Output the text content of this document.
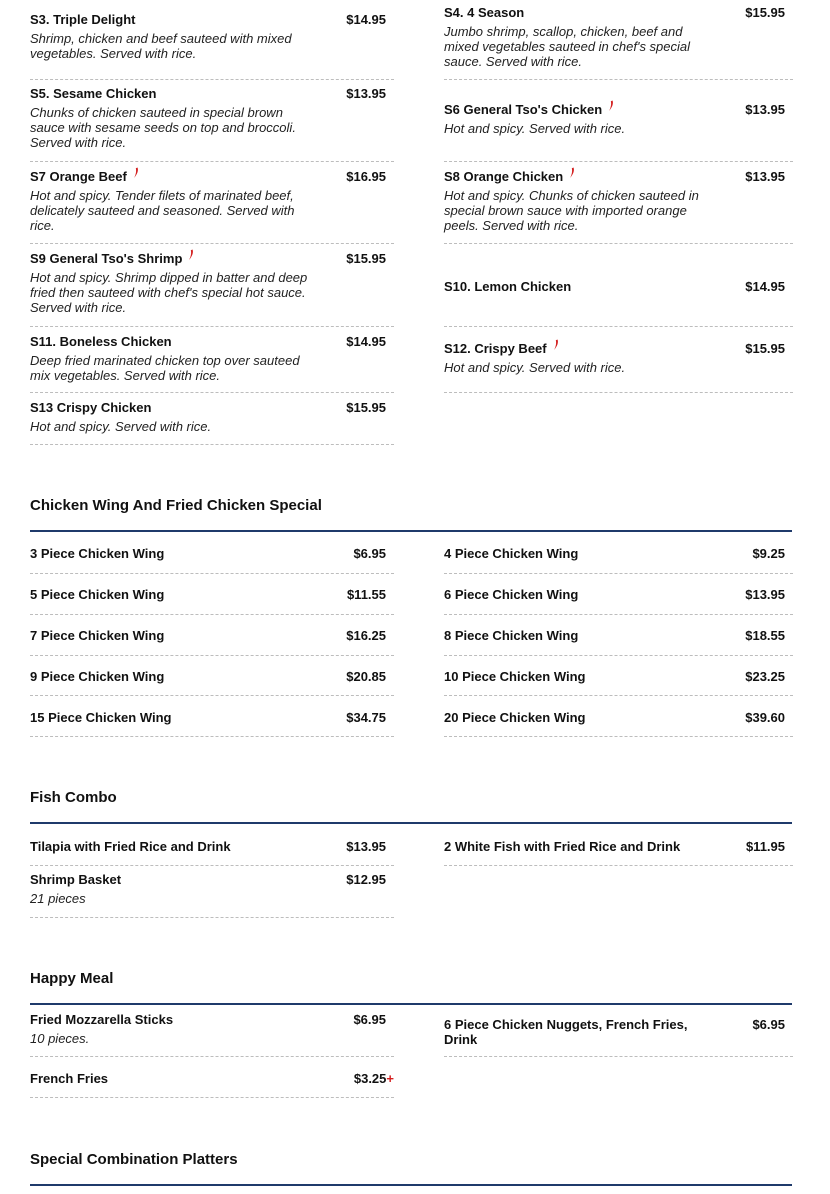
S3. Triple Delight	$14.95
Shrimp, chicken and beef sauteed with mixed
vegetables. Served with rice.
S5. Sesame Chicken	$13.95
Chunks of chicken sauteed in special brown
sauce with sesame seeds on top and broccoli.
Served with rice.
S7 Orange Beef	$16.95
Hot and spicy. Tender filets of marinated beef,
delicately sauteed and seasoned. Served with
rice.
S9 General Tso's Shrimp	$15.95
Hot and spicy. Shrimp dipped in batter and deep
fried then sauteed with chef's special hot sauce.
Served with rice.
S11. Boneless Chicken	$14.95
Deep fried marinated chicken top over sauteed
mix vegetables. Served with rice.
S13 Crispy Chicken	$15.95
Hot and spicy. Served with rice.
S4. 4 Season	$15.95
Jumbo shrimp, scallop, chicken, beef and
mixed vegetables sauteed in chef's special
sauce. Served with rice.
S6 General Tso's Chicken	$13.95
Hot and spicy. Served with rice.
S8 Orange Chicken	$13.95
Hot and spicy. Chunks of chicken sauteed in
special brown sauce with imported orange
peels. Served with rice.
S10. Lemon Chicken	$14.95
S12. Crispy Beef	$15.95
Hot and spicy. Served with rice.
Chicken Wing And Fried Chicken Special
3 Piece Chicken Wing	$6.95	4 Piece Chicken Wing	$9.25
5 Piece Chicken Wing	$11.55	6 Piece Chicken Wing	$13.95
7 Piece Chicken Wing	$16.25	8 Piece Chicken Wing	$18.55
9 Piece Chicken Wing	$20.85	10 Piece Chicken Wing	$23.25
15 Piece Chicken Wing	$34.75	20 Piece Chicken Wing	$39.60
Fish Combo
Tilapia with Fried Rice and Drink	$13.95	2 White Fish with Fried Rice and Drink	$11.95
Shrimp Basket	$12.95
21 pieces
Happy Meal
Fried Mozzarella Sticks	$6.95
10 pieces.
6 Piece Chicken Nuggets, French Fries,
Drink
$6.95
French Fries	$3.25+
Special Combination Platters
